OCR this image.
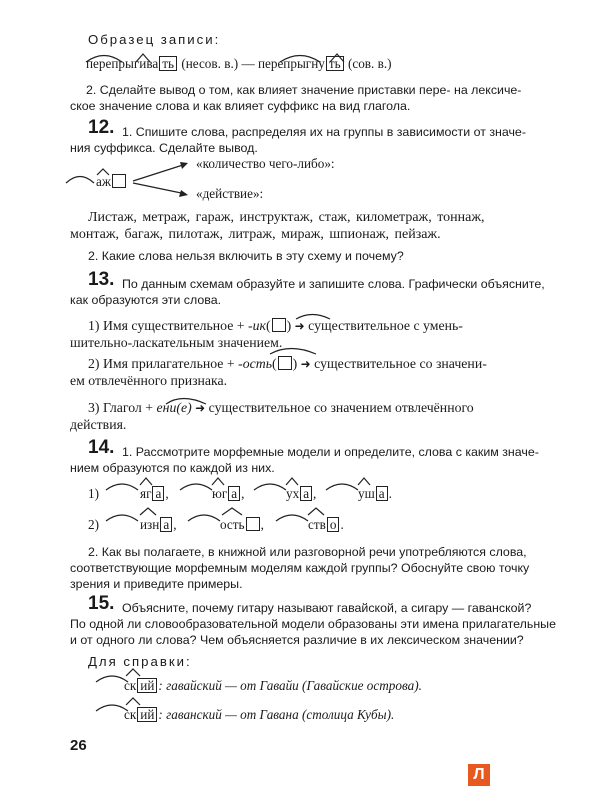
Образец записи:
перепрыгива ть (несов. в.) — перепрыгну ть (сов. в.)
2. Сделайте вывод о том, как влияет значение приставки пере- на лексиче-
ское значение слова и как влияет суффикс на вид глагола.
12. 1. Спишите слова, распределяя их на группы в зависимости от значе-
ния суффикса. Сделайте вывод.
аж
«количество чего-либо»:
«действие»:
Листаж, метраж, гараж, инструктаж, стаж, километраж, тоннаж,
монтаж, багаж, пилотаж, литраж, мираж, шпионаж, пейзаж.
2. Какие слова нельзя включить в эту схему и почему?
13. По данным схемам образуйте и запишите слова. Графически объясните,
как образуются эти слова.
1) Имя существительное + -ик( ) ➜ существительное с умень-
шительно-ласкательным значением.
2) Имя прилагательное + -ость( ) ➜ существительное со значени-
ем отвлечённого признака.
3) Глагол + ени(е) ➜ существительное со значением отвлечённого
действия.
14. 1. Рассмотрите морфемные модели и определите, слова с каким значе-
нием образуются по каждой из них.
1)	яг а ,	юг а ,	ух а ,	уш а .
2)	изн а ,	ость ,	ств о .
2. Как вы полагаете, в книжной или разговорной речи употребляются слова,
соответствующие морфемным моделям каждой группы? Обоснуйте свою точку
зрения и приведите примеры.
15. Объясните, почему гитару называют гавайской, а сигару — гаванской?
По одной ли словообразовательной модели образованы эти имена прилагательные
и от одного ли слова? Чем объясняется различие в их лексическом значении?
Для справки:
ск ий : гавайский — от Гавайи (Гавайские острова).
ск ий : гаванский — от Гавана (столица Кубы).
26
Л
